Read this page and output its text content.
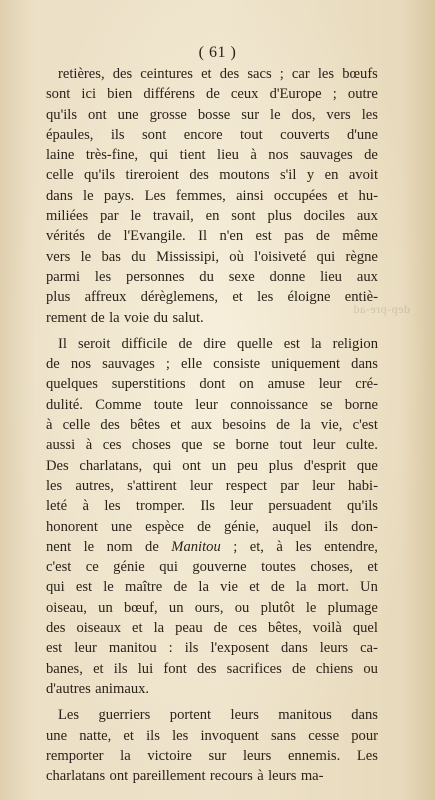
( 61 )
dep-pre-ad
retières, des ceintures et des sacs ; car les bœufs
sont ici bien différens de ceux d'Europe ; outre
qu'ils ont une grosse bosse sur le dos, vers les
épaules, ils sont encore tout couverts d'une
laine très-fine, qui tient lieu à nos sauvages de
celle qu'ils tireroient des moutons s'il y en avoit
dans le pays. Les femmes, ainsi occupées et hu-
miliées par le travail, en sont plus dociles aux
vérités de l'Evangile. Il n'en est pas de même
vers le bas du Mississipi, où l'oisiveté qui règne
parmi les personnes du sexe donne lieu aux
plus affreux dérèglemens, et les éloigne entiè-
rement de la voie du salut.
Il seroit difficile de dire quelle est la religion
de nos sauvages ; elle consiste uniquement dans
quelques superstitions dont on amuse leur cré-
dulité. Comme toute leur connoissance se borne
à celle des bêtes et aux besoins de la vie, c'est
aussi à ces choses que se borne tout leur culte.
Des charlatans, qui ont un peu plus d'esprit que
les autres, s'attirent leur respect par leur habi-
leté à les tromper. Ils leur persuadent qu'ils
honorent une espèce de génie, auquel ils don-
nent le nom de Manitou ; et, à les entendre,
c'est ce génie qui gouverne toutes choses, et
qui est le maître de la vie et de la mort. Un
oiseau, un bœuf, un ours, ou plutôt le plumage
des oiseaux et la peau de ces bêtes, voilà quel
est leur manitou : ils l'exposent dans leurs ca-
banes, et ils lui font des sacrifices de chiens ou
d'autres animaux.
Les guerriers portent leurs manitous dans
une natte, et ils les invoquent sans cesse pour
remporter la victoire sur leurs ennemis. Les
charlatans ont pareillement recours à leurs ma-
